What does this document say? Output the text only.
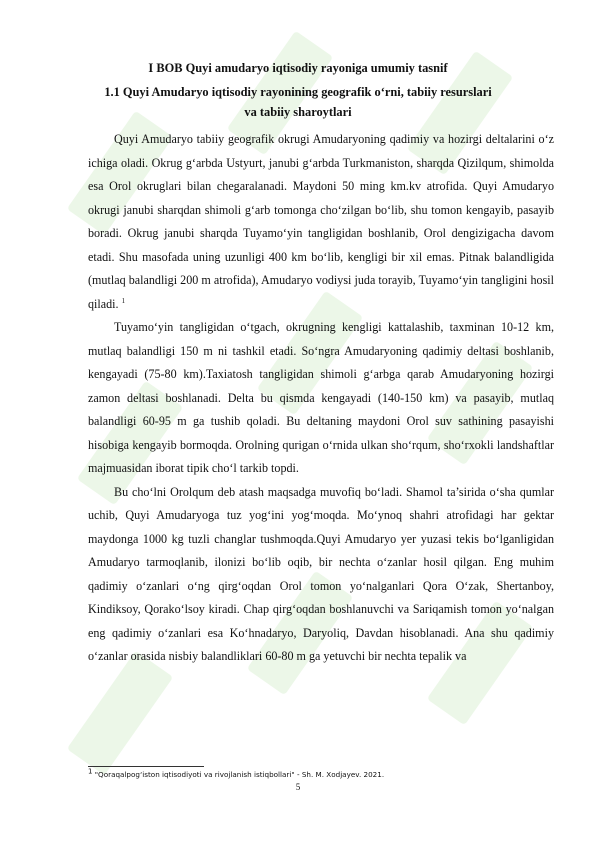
I BOB Quyi amudaryo iqtisodiy rayoniga umumiy tasnif
1.1 Quyi Amudaryo iqtisodiy rayonining geografik o‘rni, tabiiy resurslari
va tabiiy sharoytlari

Quyi Amudaryo tabiiy geografik okrugi Amudaryoning qadimiy va hozirgi deltalarini o‘z ichiga oladi. Okrug g‘arbda Ustyurt, janubi g‘arbda Turkmaniston, sharqda Qizilqum, shimolda esa Orol okruglari bilan chegaralanadi. Maydoni 50 ming km.kv atrofida. Quyi Amudaryo okrugi janubi sharqdan shimoli g‘arb tomonga cho‘zilgan bo‘lib, shu tomon kengayib, pasayib boradi. Okrug janubi sharqda Tuyamo‘yin tangligidan boshlanib, Orol dengizigacha davom etadi. Shu masofada uning uzunligi 400 km bo‘lib, kengligi bir xil emas. Pitnak balandligida (mutlaq balandligi 200 m atrofida), Amudaryo vodiysi juda torayib, Tuyamo‘yin tangligini hosil qiladi. $^1$

Tuyamo‘yin tangligidan o‘tgach, okrugning kengligi kattalashib, taxminan 10-12 km, mutlaq balandligi 150 m ni tashkil etadi. So‘ngra Amudaryoning qadimiy deltasi boshlanib, kengayadi (75-80 km).Taxiatosh tangligidan shimoli g‘arbga qarab Amudaryoning hozirgi zamon deltasi boshlanadi. Delta bu qismda kengayadi (140-150 km) va pasayib, mutlaq balandligi 60-95 m ga tushib qoladi. Bu deltaning maydoni Orol suv sathining pasayishi hisobiga kengayib bormoqda. Orolning qurigan o‘rnida ulkan sho‘rqum, sho‘rxokli landshaftlar majmuasidan iborat tipik cho‘l tarkib topdi.

Bu cho‘lni Orolqum deb atash maqsadga muvofiq bo‘ladi. Shamol ta’sirida o‘sha qumlar uchib, Quyi Amudaryoga tuz yog‘ini yog‘moqda. Mo‘ynoq shahri atrofidagi har gektar maydonga 1000 kg tuzli changlar tushmoqda.Quyi Amudaryo yer yuzasi tekis bo‘lganligidan Amudaryo tarmoqlanib, ilonizi bo‘lib oqib, bir nechta o‘zanlar hosil qilgan. Eng muhim qadimiy o‘zanlari o‘ng qirg‘oqdan Orol tomon yo‘nalganlari Qora O‘zak, Shertanboy, Kindiksoy, Qorako‘lsoy kiradi. Chap qirg‘oqdan boshlanuvchi va Sariqamish tomon yo‘nalgan eng qadimiy o‘zanlari esa Ko‘hnadaryo, Daryoliq, Davdan hisoblanadi. Ana shu qadimiy o‘zanlar orasida nisbiy balandliklari 60-80 m ga yetuvchi bir nechta tepalik va

$^1$ "Qoraqalpog‘iston iqtisodiyoti va rivojlanish istiqbollari" - Sh. M. Xodjayev. 2021.
5
